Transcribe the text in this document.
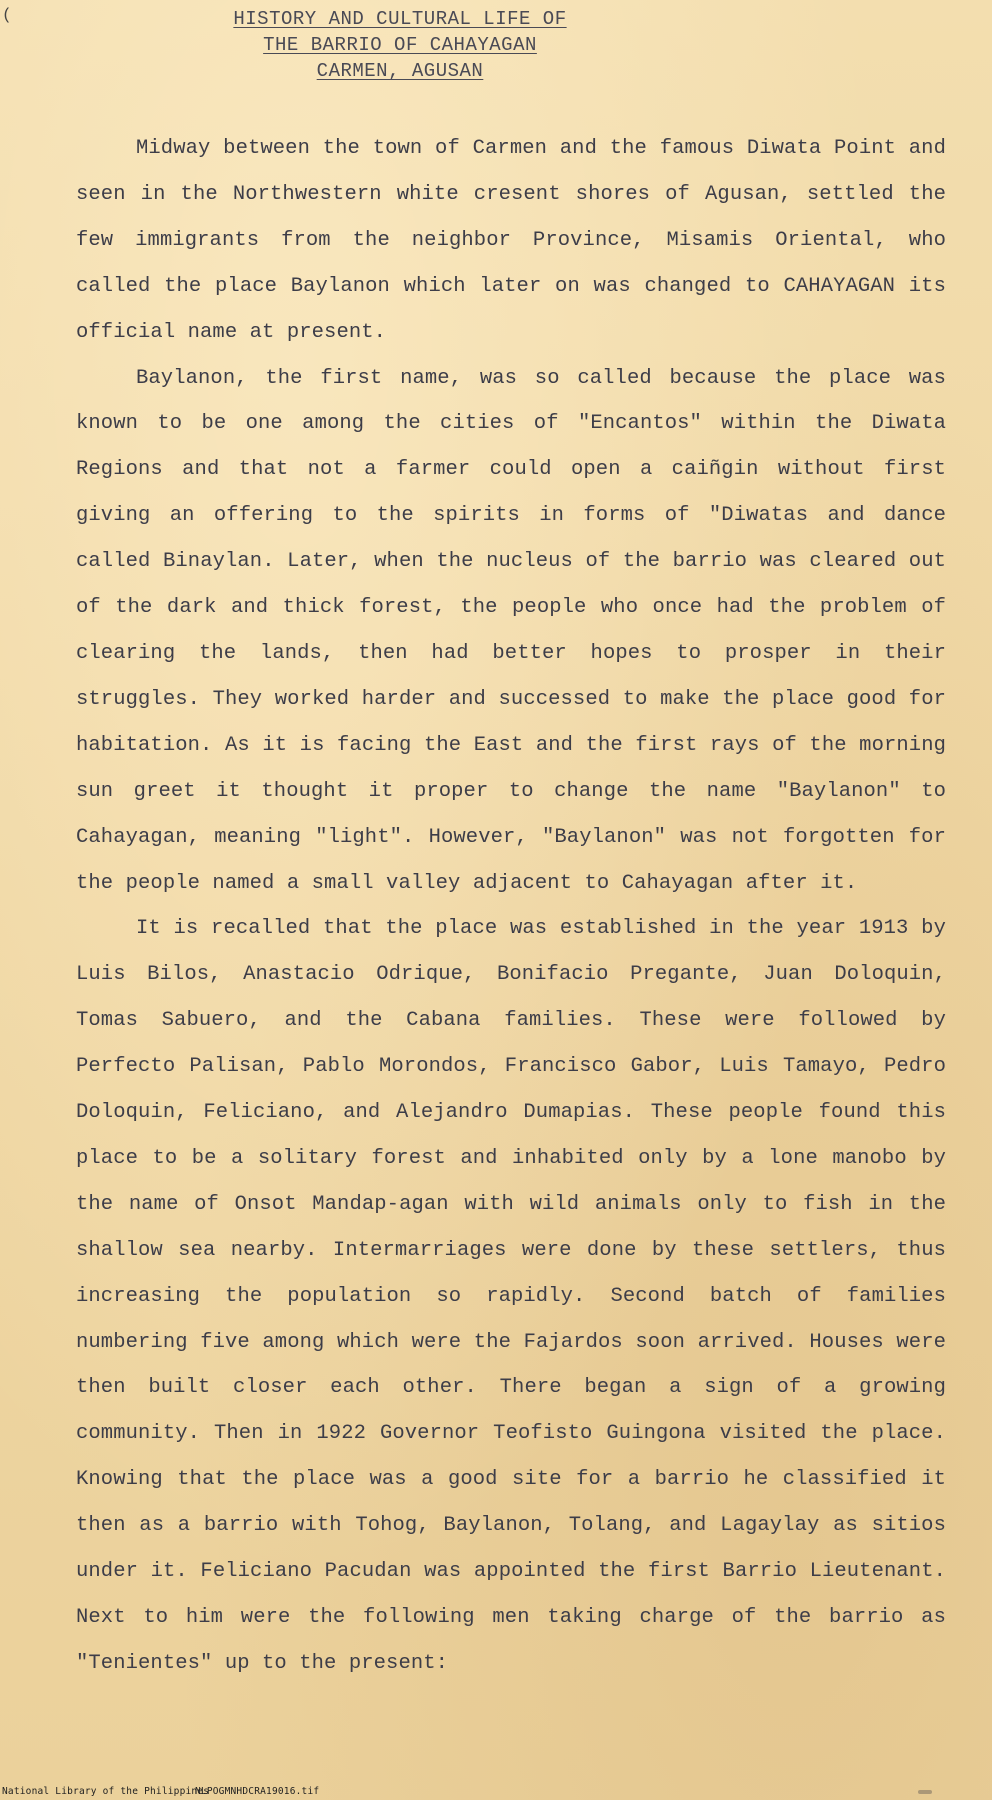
(	HISTORY AND CULTURAL LIFE OF
THE BARRIO OF CAHAYAGAN
CARMEN, AGUSAN

Midway between the town of Carmen and the famous Diwata Point and seen in the Northwestern white cresent shores of Agusan, settled the few immigrants from the neighbor Province, Misamis Oriental, who called the place Baylanon which later on was changed to CAHAYAGAN its official name at present.

Baylanon, the first name, was so called because the place was known to be one among the cities of "Encantos" within the Diwata Regions and that not a farmer could open a caiñgin without first giving an offering to the spirits in forms of "Diwatas and dance called Binaylan. Later, when the nucleus of the barrio was cleared out of the dark and thick forest, the people who once had the problem of clearing the lands, then had better hopes to prosper in their struggles. They worked harder and successed to make the place good for habitation. As it is facing the East and the first rays of the morning sun greet it thought it proper to change the name "Baylanon" to Cahayagan, meaning "light". However, "Baylanon" was not forgotten for the people named a small valley adjacent to Cahayagan after it.

It is recalled that the place was established in the year 1913 by Luis Bilos, Anastacio Odrique, Bonifacio Pregante, Juan Doloquin, Tomas Sabuero, and the Cabana families. These were followed by Perfecto Palisan, Pablo Morondos, Francisco Gabor, Luis Tamayo, Pedro Doloquin, Feliciano, and Alejandro Dumapias. These people found this place to be a solitary forest and inhabited only by a lone manobo by the name of Onsot Mandap-agan with wild animals only to fish in the shallow sea nearby. Intermarriages were done by these settlers, thus increasing the population so rapidly. Second batch of families numbering five among which were the Fajardos soon arrived. Houses were then built closer each other. There began a sign of a growing community. Then in 1922 Governor Teofisto Guingona visited the place. Knowing that the place was a good site for a barrio he classified it then as a barrio with Tohog, Baylanon, Tolang, and Lagaylay as sitios under it. Feliciano Pacudan was appointed the first Barrio Lieutenant. Next to him were the following men taking charge of the barrio as "Tenientes" up to the present:

National Library of the Philippines
NLPOGMNHDCRA19016.tif
